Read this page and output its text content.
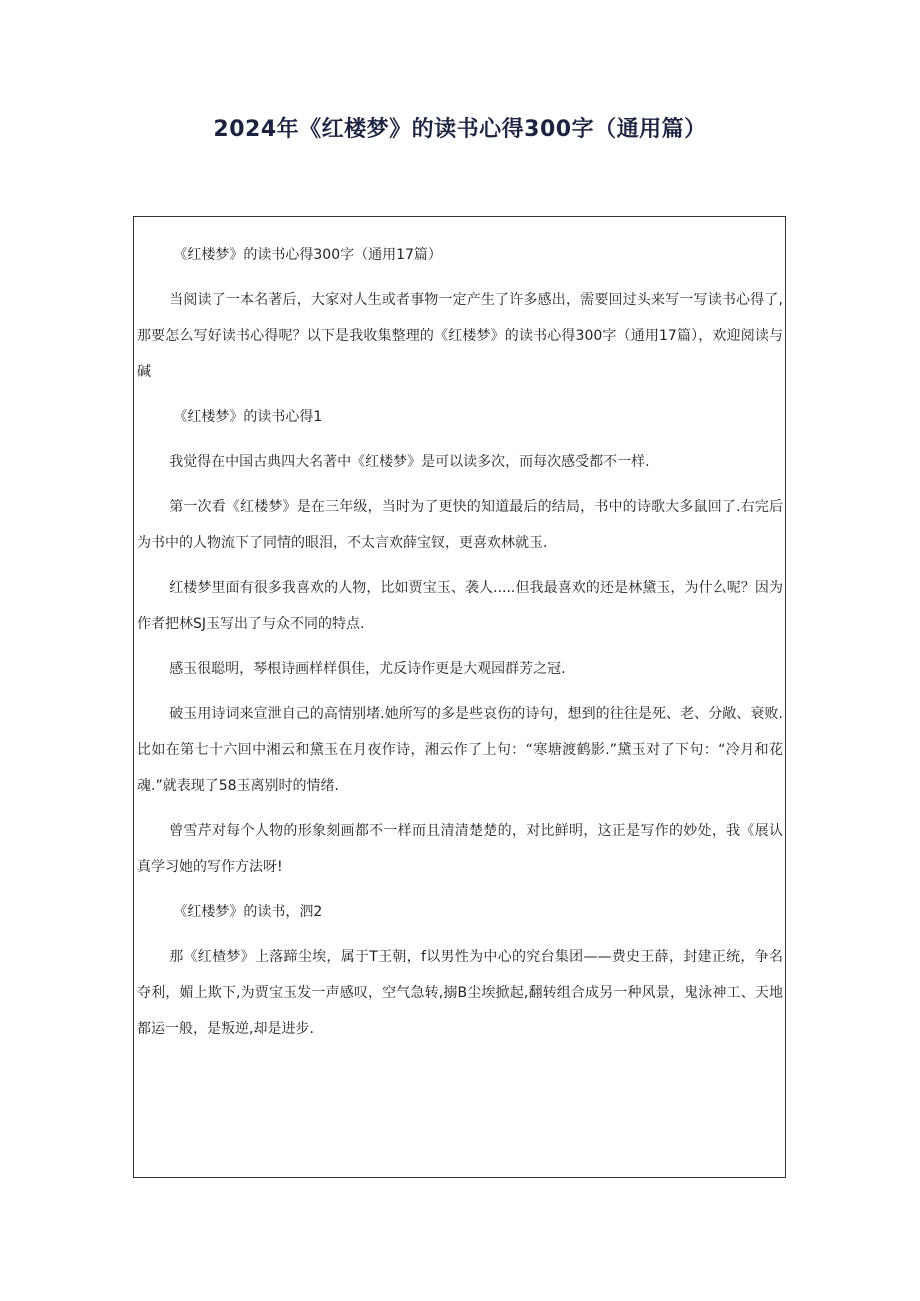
2024年《红楼梦》的读书心得300字（通用篇）

《红楼梦》的读书心得300字（通用17篇）

当阅读了一本名著后，大家对人生或者事物一定产生了许多感出，需要回过头来写一写读书心得了,那要怎么写好读书心得呢？以下是我收集整理的《红楼梦》的读书心得300字（通用17篇），欢迎阅读与碱

《红楼梦》的读书心得1

我觉得在中国古典四大名著中《红楼梦》是可以读多次，而每次感受都不一样.

第一次看《红楼梦》是在三年级，当时为了更快的知道最后的结局，书中的诗歌大多鼠回了.右完后为书中的人物流下了同情的眼泪，不太言欢薛宝钗，更喜欢林就玉.

红楼梦里面有很多我喜欢的人物，比如贾宝玉、袭人.....但我最喜欢的还是林黛玉，为什么呢？因为作者把林SJ玉写出了与众不同的特点.

感玉很聪明，琴根诗画样样俱佳，尤反诗作更是大观园群芳之冠.

破玉用诗词来宣泄自己的高情别堵.她所写的多是些哀伤的诗句，想到的往往是死、老、分敞、衰败.比如在第七十六回中湘云和黛玉在月夜作诗，湘云作了上句：“寒塘渡鹤影.”黛玉对了下句：“冷月和花魂.”就表现了58玉离别时的情绪.

曾雪芹对每个人物的形象刻画都不一样而且清清楚楚的，对比鲜明，这正是写作的妙处，我《展认真学习她的写作方法呀!

《红楼梦》的读书，泗2

那《红楂梦》上落蹄尘埃，属于T王朝，f以男性为中心的究台集团——费史王薛，封建正统，争名夺利，媚上欺下,为贾宝玉发一声感叹，空气急转,搦B尘埃掀起,翻转组合成另一种风景，鬼泳神工、天地都运一般，是叛逆,却是进步.
